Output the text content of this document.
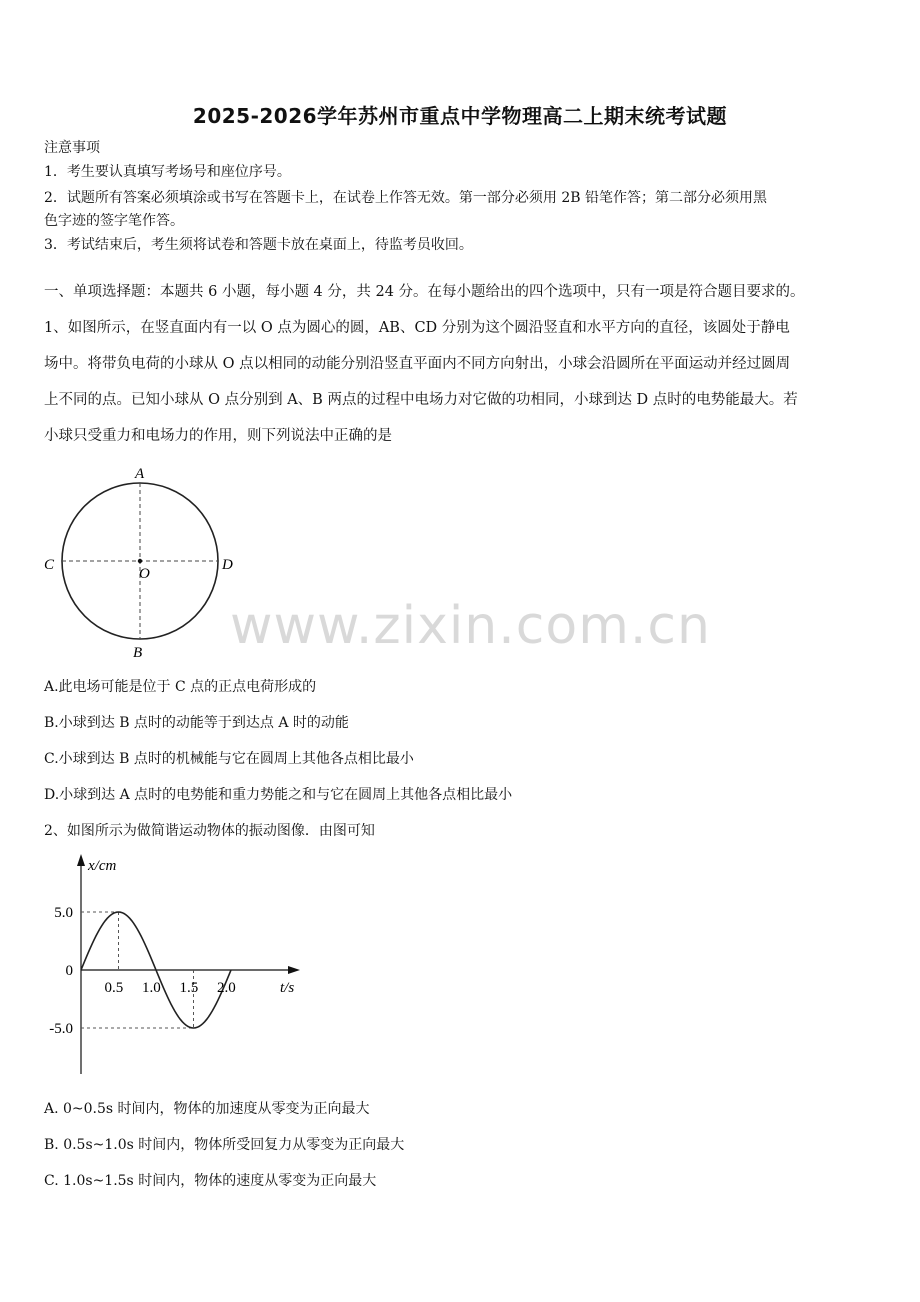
2025-2026学年苏州市重点中学物理高二上期末统考试题
注意事项
1．考生要认真填写考场号和座位序号。
2．试题所有答案必须填涂或书写在答题卡上，在试卷上作答无效。第一部分必须用 2B 铅笔作答；第二部分必须用黑
色字迹的签字笔作答。
3．考试结束后，考生须将试卷和答题卡放在桌面上，待监考员收回。
一、单项选择题：本题共 6 小题，每小题 4 分，共 24 分。在每小题给出的四个选项中，只有一项是符合题目要求的。
1、如图所示，在竖直面内有一以 O 点为圆心的圆，AB、CD 分别为这个圆沿竖直和水平方向的直径，该圆处于静电
场中。将带负电荷的小球从 O 点以相同的动能分别沿竖直平面内不同方向射出，小球会沿圆所在平面运动并经过圆周
上不同的点。已知小球从 O 点分别到 A、B 两点的过程中电场力对它做的功相同，小球到达 D 点时的电势能最大。若
小球只受重力和电场力的作用，则下列说法中正确的是
A
B
C	D
O
www.zixin.com.cn
A.此电场可能是位于 C 点的正点电荷形成的
B.小球到达 B 点时的动能等于到达点 A 时的动能
C.小球到达 B 点时的机械能与它在圆周上其他各点相比最小
D.小球到达 A 点时的电势能和重力势能之和与它在圆周上其他各点相比最小
2、如图所示为做简谐运动物体的振动图像．由图可知
x/cm
t/s
0.5 1.0 1.5 2.0
5.0
0
-5.0
A. 0~0.5s 时间内，物体的加速度从零变为正向最大
B. 0.5s~1.0s 时间内，物体所受回复力从零变为正向最大
C. 1.0s~1.5s 时间内，物体的速度从零变为正向最大
